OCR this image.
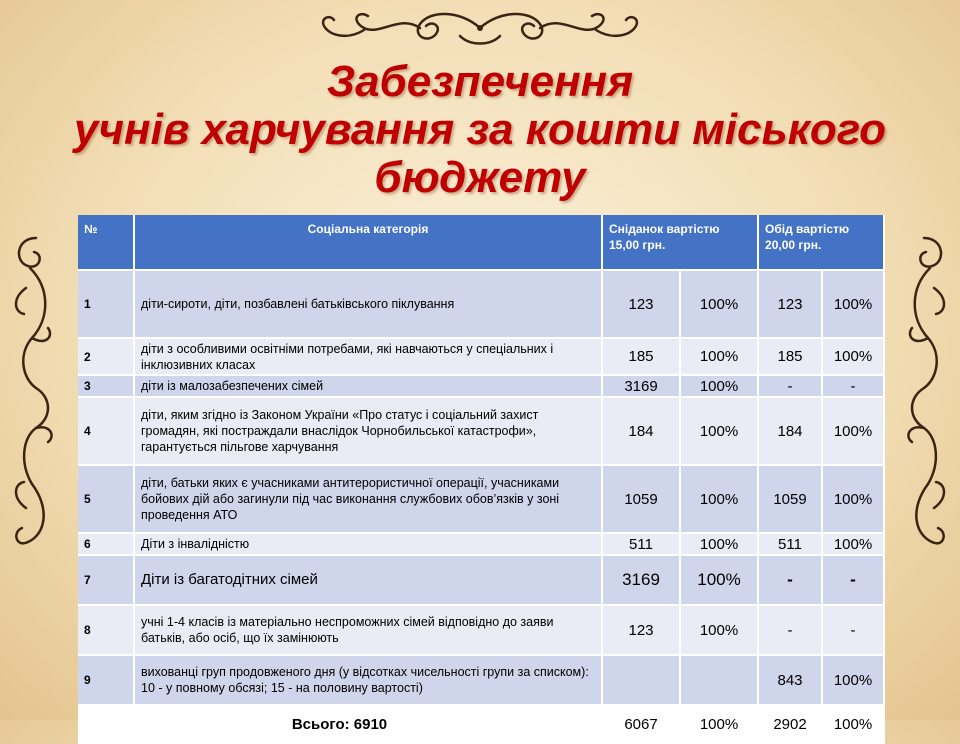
Забезпечення
учнів харчування за кошти міського
бюджету
№	Соціальна категорія	Сніданок вартістю 15,00 грн.		Обід вартістю 20,00 грн.	
1	діти-сироти, діти, позбавлені батьківського піклування	123	100%	123	100%
2	діти з особливими освітніми потребами, які навчаються у спеціальних і інклюзивних класах	185	100%	185	100%
3	діти із малозабезпечених сімей	3169	100%	-	-
4	діти, яким згідно із Законом України «Про статус і соціальний захист громадян, які постраждали внаслідок Чорнобильської катастрофи», гарантується пільгове харчування	184	100%	184	100%
5	діти, батьки яких є учасниками антитерористичної операції, учасниками бойових дій або загинули під час виконання службових обов’язків у зоні проведення АТО	1059	100%	1059	100%
6	Діти з інвалідністю	511	100%	511	100%
7	Діти із багатодітних сімей	3169	100%	-	-
8	учні 1-4 класів із матеріально неспроможних сімей відповідно до заяви батьків, або осіб, що їх замінюють	123	100%	-	-
9	вихованці груп продовженого дня (у відсотках чисельності групи за списком): 10 - у повному обсязі; 15 - на половину вартості)			843	100%
Всього: 6910		6067	100%	2902	100%
